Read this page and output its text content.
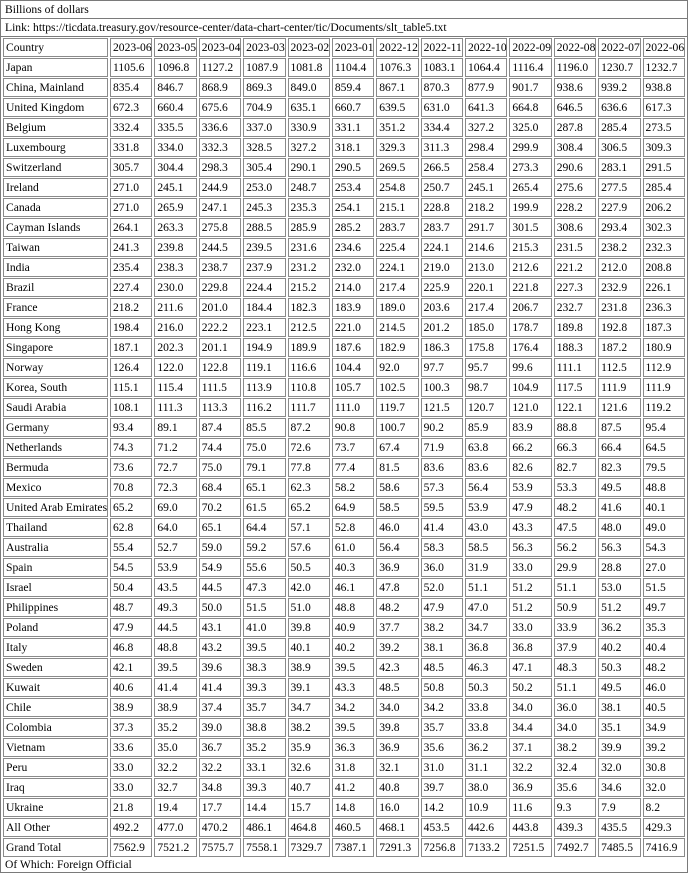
Billions of dollars
Link: https://ticdata.treasury.gov/resource-center/data-chart-center/tic/Documents/slt_table5.txt
Country	2023-06	2023-05	2023-04	2023-03	2023-02	2023-01	2022-12	2022-11	2022-10	2022-09	2022-08	2022-07	2022-06
Japan	1105.6	1096.8	1127.2	1087.9	1081.8	1104.4	1076.3	1083.1	1064.4	1116.4	1196.0	1230.7	1232.7
China, Mainland	835.4	846.7	868.9	869.3	849.0	859.4	867.1	870.3	877.9	901.7	938.6	939.2	938.8
United Kingdom	672.3	660.4	675.6	704.9	635.1	660.7	639.5	631.0	641.3	664.8	646.5	636.6	617.3
Belgium	332.4	335.5	336.6	337.0	330.9	331.1	351.2	334.4	327.2	325.0	287.8	285.4	273.5
Luxembourg	331.8	334.0	332.3	328.5	327.2	318.1	329.3	311.3	298.4	299.9	308.4	306.5	309.3
Switzerland	305.7	304.4	298.3	305.4	290.1	290.5	269.5	266.5	258.4	273.3	290.6	283.1	291.5
Ireland	271.0	245.1	244.9	253.0	248.7	253.4	254.8	250.7	245.1	265.4	275.6	277.5	285.4
Canada	271.0	265.9	247.1	245.3	235.3	254.1	215.1	228.8	218.2	199.9	228.2	227.9	206.2
Cayman Islands	264.1	263.3	275.8	288.5	285.9	285.2	283.7	283.7	291.7	301.5	308.6	293.4	302.3
Taiwan	241.3	239.8	244.5	239.5	231.6	234.6	225.4	224.1	214.6	215.3	231.5	238.2	232.3
India	235.4	238.3	238.7	237.9	231.2	232.0	224.1	219.0	213.0	212.6	221.2	212.0	208.8
Brazil	227.4	230.0	229.8	224.4	215.2	214.0	217.4	225.9	220.1	221.8	227.3	232.9	226.1
France	218.2	211.6	201.0	184.4	182.3	183.9	189.0	203.6	217.4	206.7	232.7	231.8	236.3
Hong Kong	198.4	216.0	222.2	223.1	212.5	221.0	214.5	201.2	185.0	178.7	189.8	192.8	187.3
Singapore	187.1	202.3	201.1	194.9	189.9	187.6	182.9	186.3	175.8	176.4	188.3	187.2	180.9
Norway	126.4	122.0	122.8	119.1	116.6	104.4	92.0	97.7	95.7	99.6	111.1	112.5	112.9
Korea, South	115.1	115.4	111.5	113.9	110.8	105.7	102.5	100.3	98.7	104.9	117.5	111.9	111.9
Saudi Arabia	108.1	111.3	113.3	116.2	111.7	111.0	119.7	121.5	120.7	121.0	122.1	121.6	119.2
Germany	93.4	89.1	87.4	85.5	87.2	90.8	100.7	90.2	85.9	83.9	88.8	87.5	95.4
Netherlands	74.3	71.2	74.4	75.0	72.6	73.7	67.4	71.9	63.8	66.2	66.3	66.4	64.5
Bermuda	73.6	72.7	75.0	79.1	77.8	77.4	81.5	83.6	83.6	82.6	82.7	82.3	79.5
Mexico	70.8	72.3	68.4	65.1	62.3	58.2	58.6	57.3	56.4	53.9	53.3	49.5	48.8
United Arab Emirates	65.2	69.0	70.2	61.5	65.2	64.9	58.5	59.5	53.9	47.9	48.2	41.6	40.1
Thailand	62.8	64.0	65.1	64.4	57.1	52.8	46.0	41.4	43.0	43.3	47.5	48.0	49.0
Australia	55.4	52.7	59.0	59.2	57.6	61.0	56.4	58.3	58.5	56.3	56.2	56.3	54.3
Spain	54.5	53.9	54.9	55.6	50.5	40.3	36.9	36.0	31.9	33.0	29.9	28.8	27.0
Israel	50.4	43.5	44.5	47.3	42.0	46.1	47.8	52.0	51.1	51.2	51.1	53.0	51.5
Philippines	48.7	49.3	50.0	51.5	51.0	48.8	48.2	47.9	47.0	51.2	50.9	51.2	49.7
Poland	47.9	44.5	43.1	41.0	39.8	40.9	37.7	38.2	34.7	33.0	33.9	36.2	35.3
Italy	46.8	48.8	43.2	39.5	40.1	40.2	39.2	38.1	36.8	36.8	37.9	40.2	40.4
Sweden	42.1	39.5	39.6	38.3	38.9	39.5	42.3	48.5	46.3	47.1	48.3	50.3	48.2
Kuwait	40.6	41.4	41.4	39.3	39.1	43.3	48.5	50.8	50.3	50.2	51.1	49.5	46.0
Chile	38.9	38.9	37.4	35.7	34.7	34.2	34.0	34.2	33.8	34.0	36.0	38.1	40.5
Colombia	37.3	35.2	39.0	38.8	38.2	39.5	39.8	35.7	33.8	34.4	34.0	35.1	34.9
Vietnam	33.6	35.0	36.7	35.2	35.9	36.3	36.9	35.6	36.2	37.1	38.2	39.9	39.2
Peru	33.0	32.2	32.2	33.1	32.6	31.8	32.1	31.0	31.1	32.2	32.4	32.0	30.8
Iraq	33.0	32.7	34.8	39.3	40.7	41.2	40.8	39.7	38.0	36.9	35.6	34.6	32.0
Ukraine	21.8	19.4	17.7	14.4	15.7	14.8	16.0	14.2	10.9	11.6	9.3	7.9	8.2
All Other	492.2	477.0	470.2	486.1	464.8	460.5	468.1	453.5	442.6	443.8	439.3	435.5	429.3
Grand Total	7562.9	7521.2	7575.7	7558.1	7329.7	7387.1	7291.3	7256.8	7133.2	7251.5	7492.7	7485.5	7416.9
Of Which: Foreign Official
